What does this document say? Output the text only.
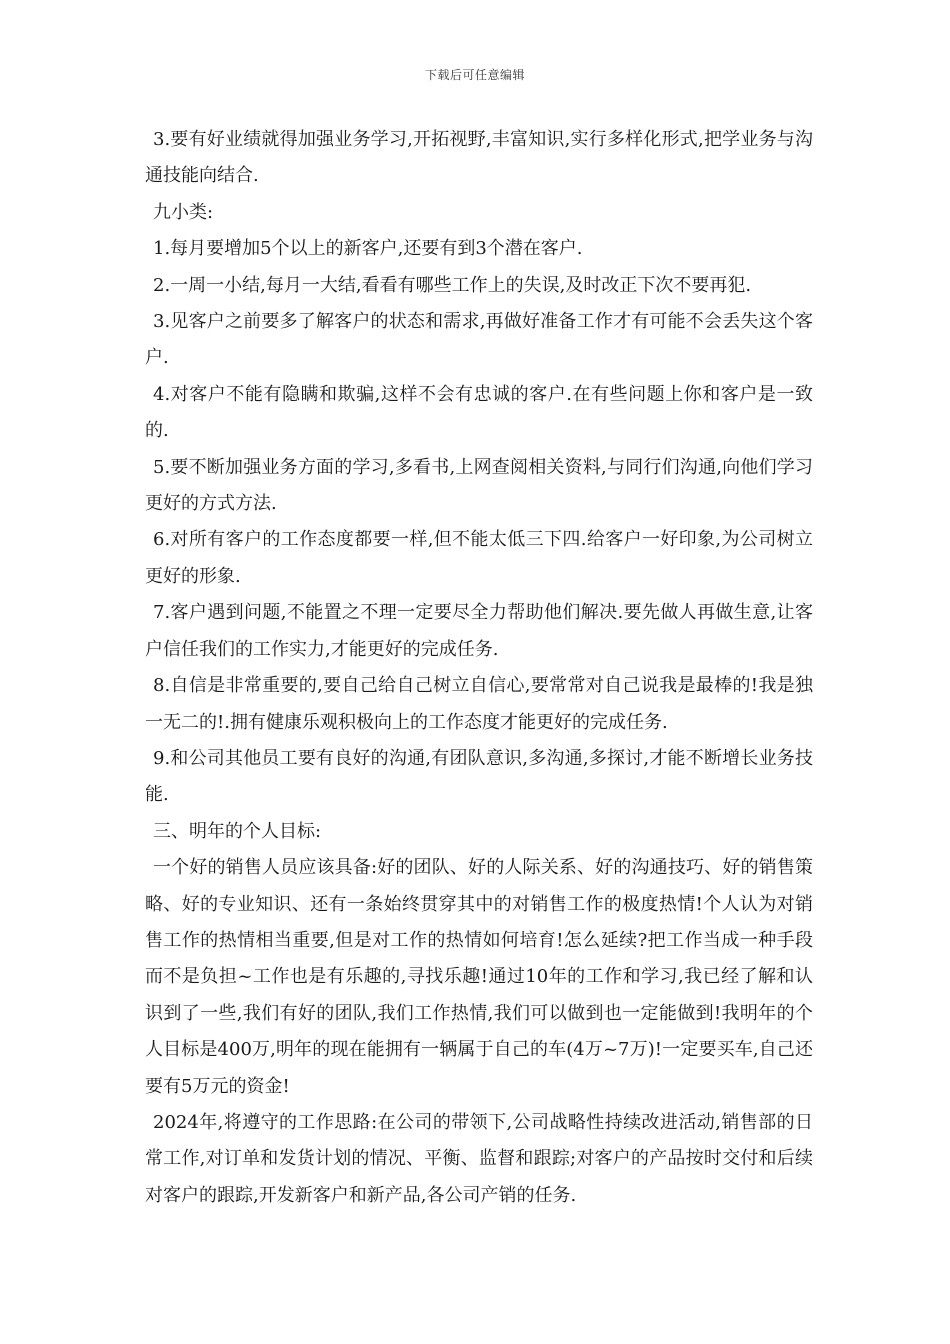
下载后可任意编辑

3.要有好业绩就得加强业务学习,开拓视野,丰富知识,实行多样化形式,把学业务与沟通技能向结合.

九小类:

1.每月要增加5个以上的新客户,还要有到3个潜在客户.

2.一周一小结,每月一大结,看看有哪些工作上的失误,及时改正下次不要再犯.

3.见客户之前要多了解客户的状态和需求,再做好准备工作才有可能不会丢失这个客户.

4.对客户不能有隐瞒和欺骗,这样不会有忠诚的客户.在有些问题上你和客户是一致的.

5.要不断加强业务方面的学习,多看书,上网查阅相关资料,与同行们沟通,向他们学习更好的方式方法.

6.对所有客户的工作态度都要一样,但不能太低三下四.给客户一好印象,为公司树立更好的形象.

7.客户遇到问题,不能置之不理一定要尽全力帮助他们解决.要先做人再做生意,让客户信任我们的工作实力,才能更好的完成任务.

8.自信是非常重要的,要自己给自己树立自信心,要常常对自己说我是最棒的!我是独一无二的!.拥有健康乐观积极向上的工作态度才能更好的完成任务.

9.和公司其他员工要有良好的沟通,有团队意识,多沟通,多探讨,才能不断增长业务技能.

三、明年的个人目标:

一个好的销售人员应该具备:好的团队、好的人际关系、好的沟通技巧、好的销售策略、好的专业知识、还有一条始终贯穿其中的对销售工作的极度热情!个人认为对销售工作的热情相当重要,但是对工作的热情如何培育!怎么延续?把工作当成一种手段而不是负担~工作也是有乐趣的,寻找乐趣!通过10年的工作和学习,我已经了解和认识到了一些,我们有好的团队,我们工作热情,我们可以做到也一定能做到!我明年的个人目标是400万,明年的现在能拥有一辆属于自己的车(4万~7万)!一定要买车,自己还要有5万元的资金!

2024年,将遵守的工作思路:在公司的带领下,公司战略性持续改进活动,销售部的日常工作,对订单和发货计划的情况、平衡、监督和跟踪;对客户的产品按时交付和后续对客户的跟踪,开发新客户和新产品,各公司产销的任务.
